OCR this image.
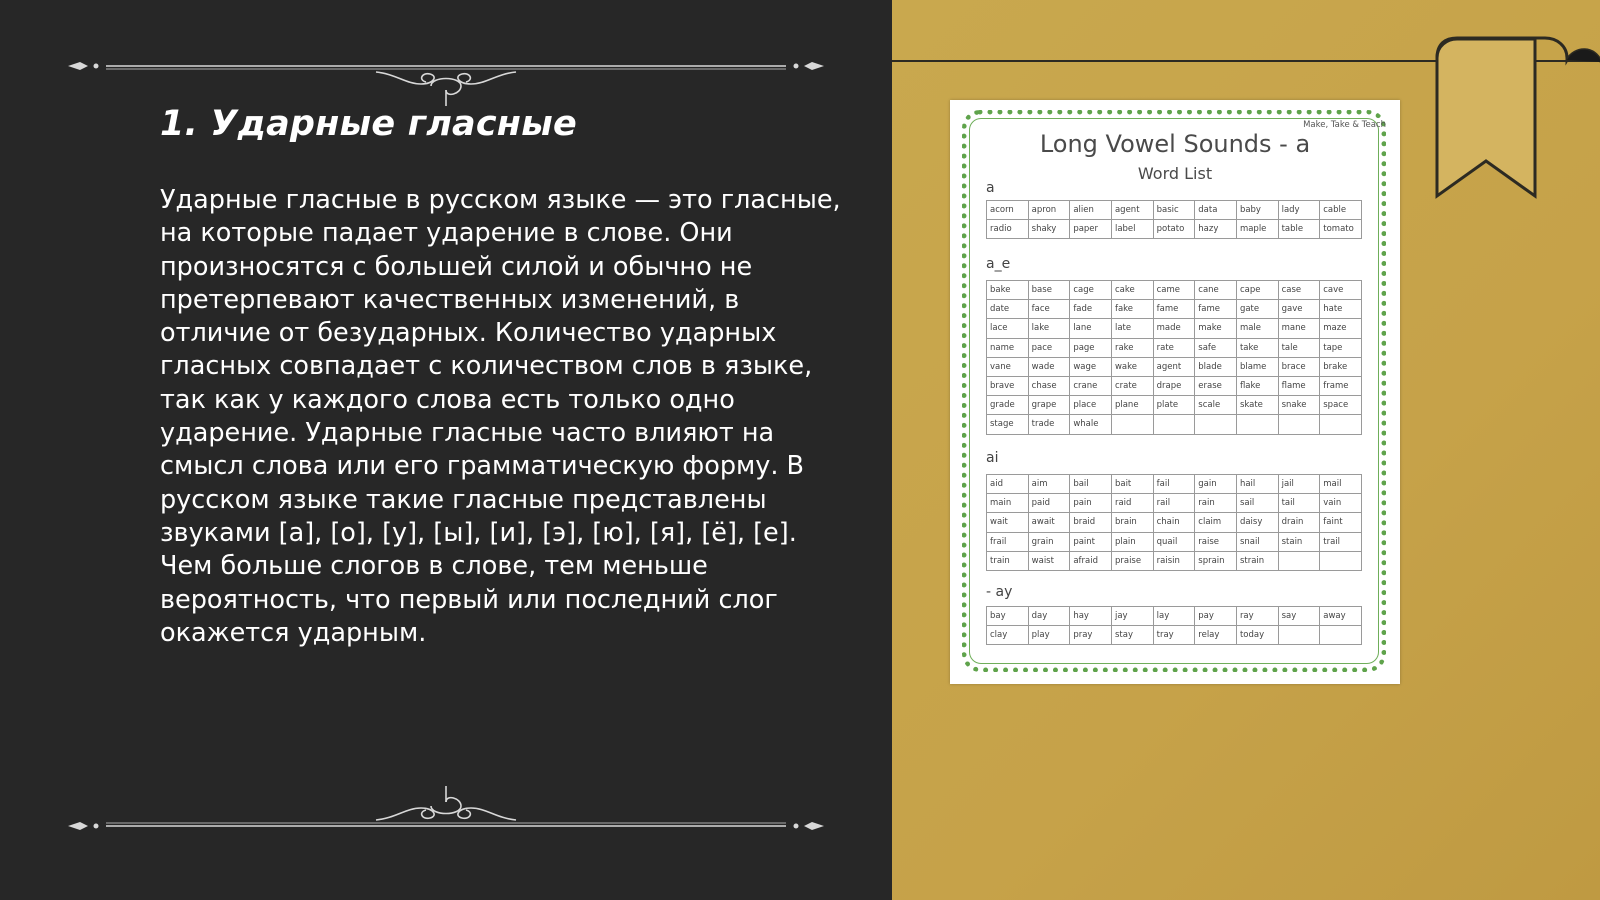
1. Ударные гласные

Ударные гласные в русском языке — это гласные, на которые падает ударение в слове. Они произносятся с большей силой и обычно не претерпевают качественных изменений, в отличие от безударных. Количество ударных гласных совпадает с количеством слов в языке, так как у каждого слова есть только одно ударение. Ударные гласные часто влияют на смысл слова или его грамматическую форму. В русском языке такие гласные представлены звуками [а], [о], [у], [ы], [и], [э], [ю], [я], [ё], [е]. Чем больше слогов в слове, тем меньше вероятность, что первый или последний слог окажется ударным.

Make, Take & Teach
Long Vowel Sounds - a
Word List
a
acorn	apron	alien	agent	basic	data	baby	lady	cable
radio	shaky	paper	label	potato	hazy	maple	table	tomato
a_e
bake	base	cage	cake	came	cane	cape	case	cave
date	face	fade	fake	fame	fame	gate	gave	hate
lace	lake	lane	late	made	make	male	mane	maze
name	pace	page	rake	rate	safe	take	tale	tape
vane	wade	wage	wake	agent	blade	blame	brace	brake
brave	chase	crane	crate	drape	erase	flake	flame	frame
grade	grape	place	plane	plate	scale	skate	snake	space
stage	trade	whale						
ai
aid	aim	bail	bait	fail	gain	hail	jail	mail
main	paid	pain	raid	rail	rain	sail	tail	vain
wait	await	braid	brain	chain	claim	daisy	drain	faint
frail	grain	paint	plain	quail	raise	snail	stain	trail
train	waist	afraid	praise	raisin	sprain	strain		
- ay
bay	day	hay	jay	lay	pay	ray	say	away
clay	play	pray	stay	tray	relay	today		
